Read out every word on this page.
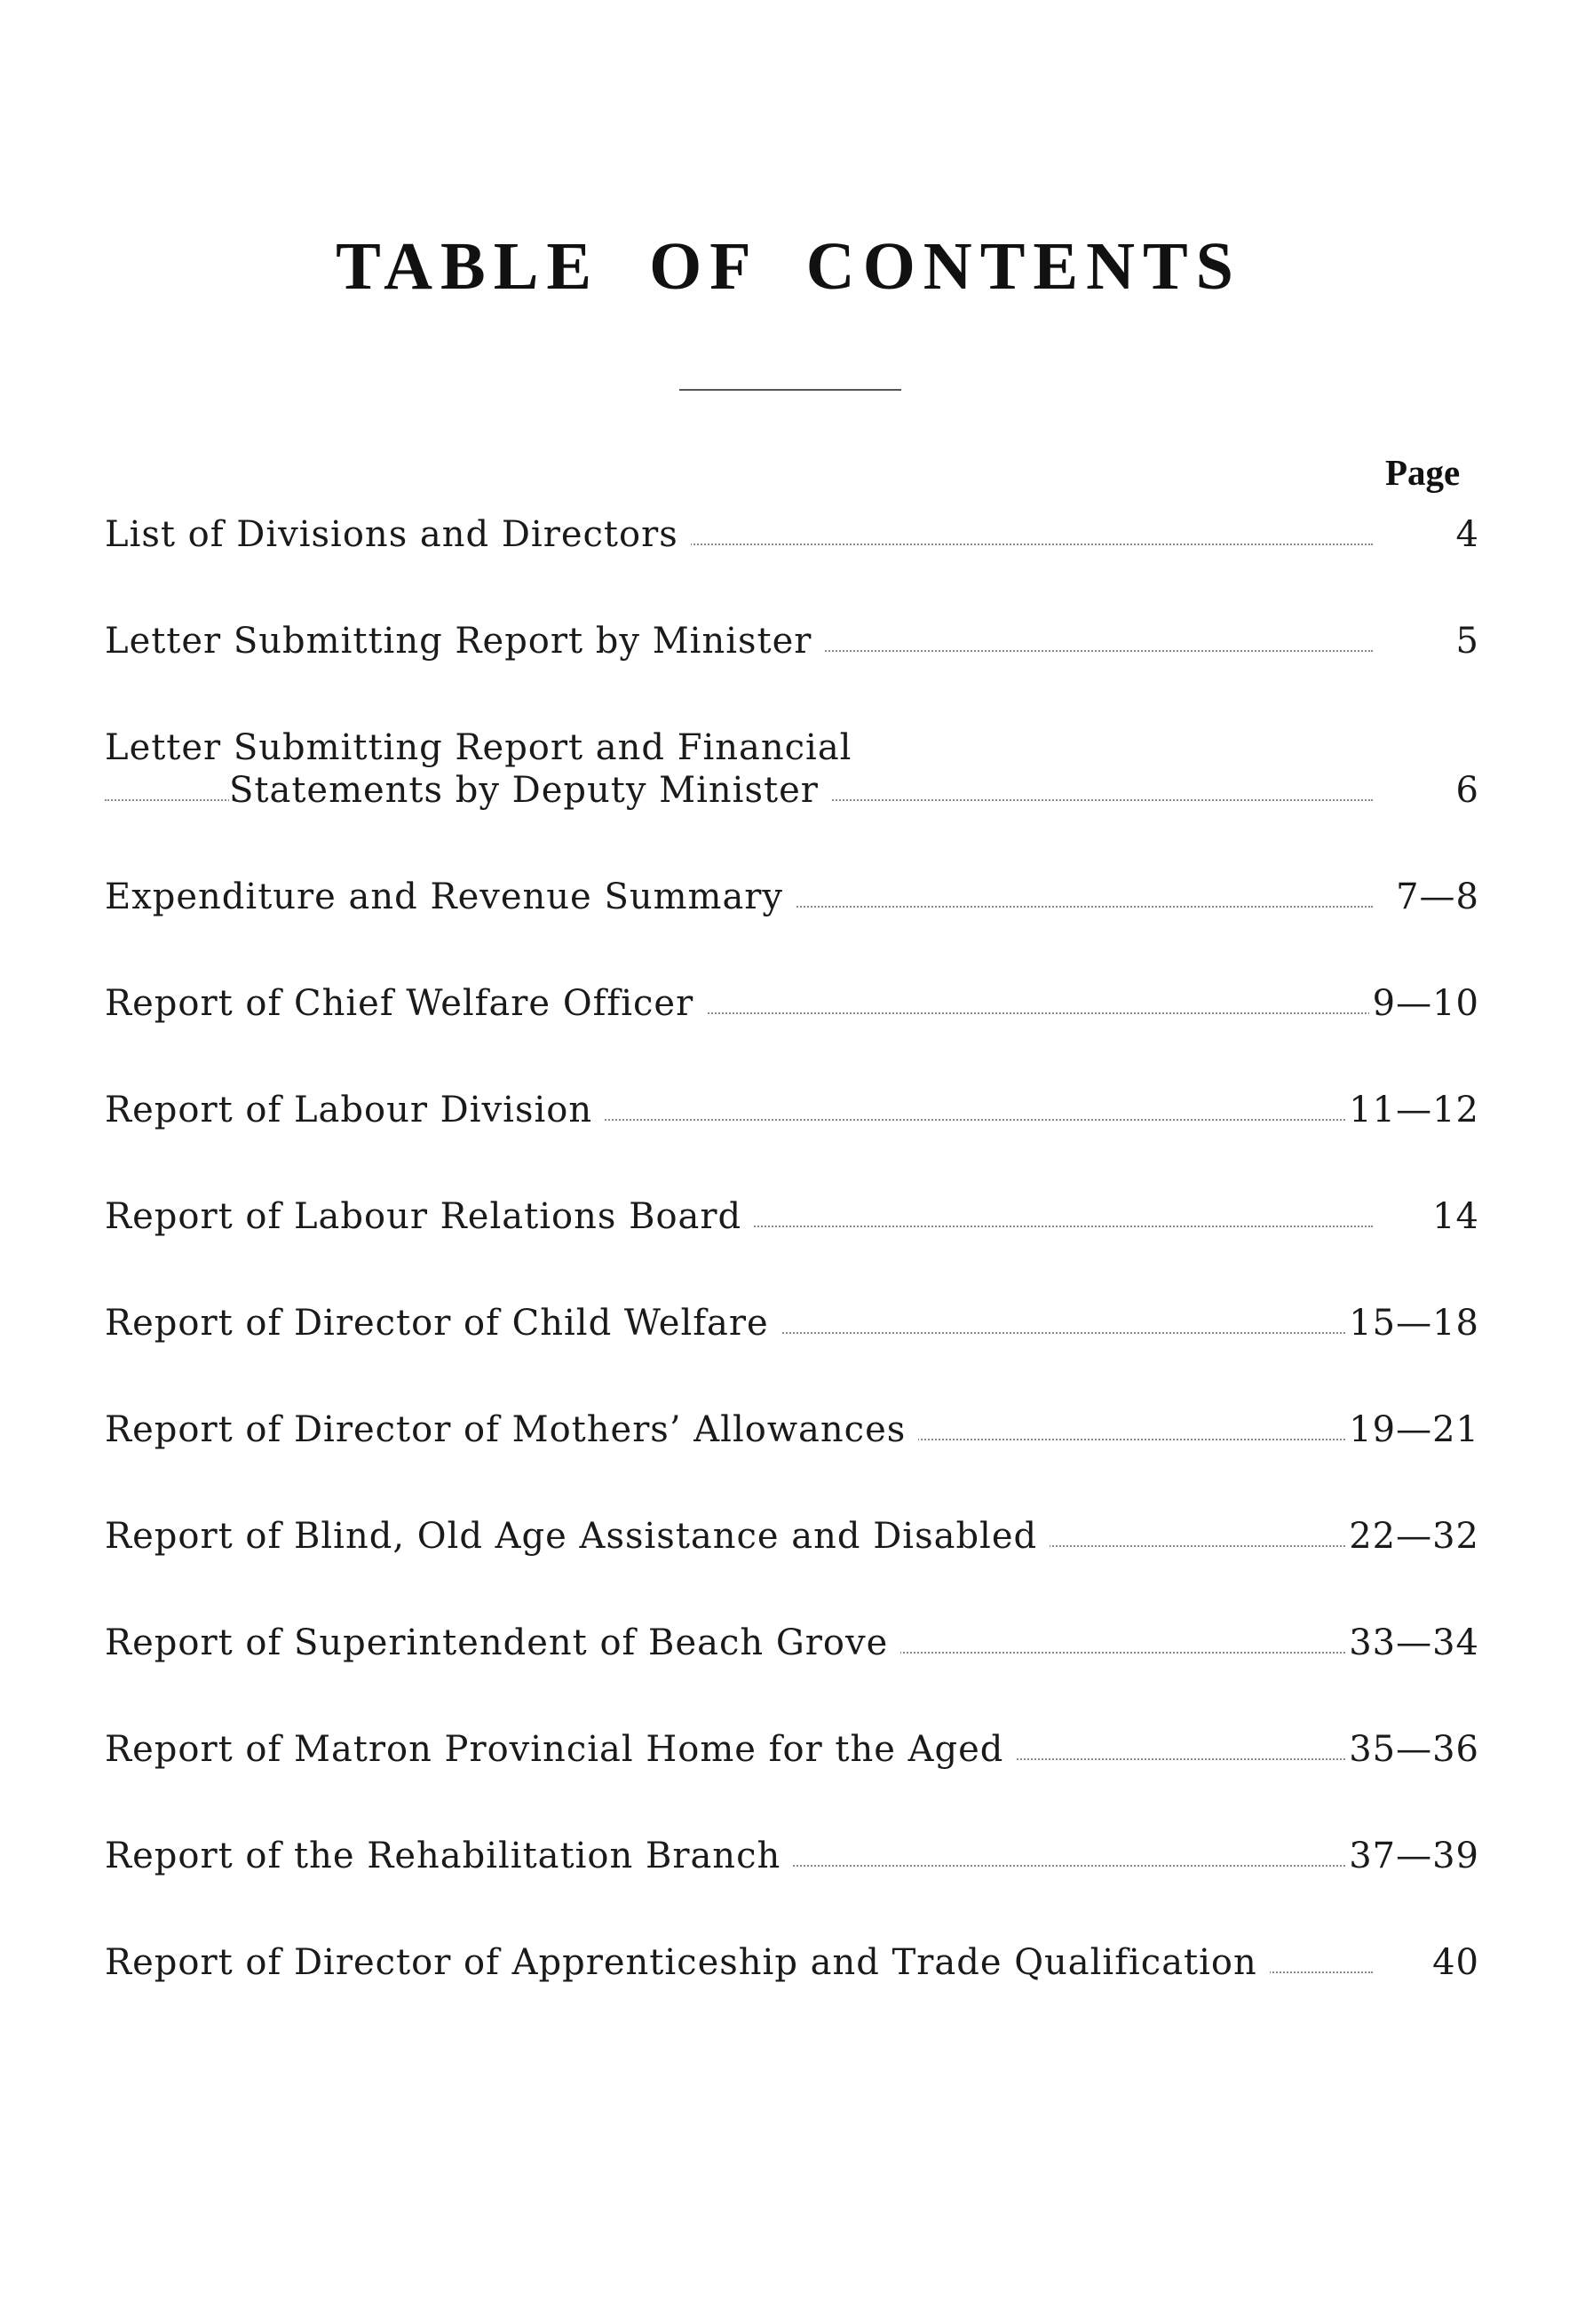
TABLE  OF  CONTENTS
Page
List of Divisions and Directors	4
Letter Submitting Report by Minister	5
Letter Submitting Report and Financial
Statements by Deputy Minister	6
Expenditure and Revenue Summary	7—8
Report of Chief Welfare Officer	9—10
Report of Labour Division	11—12
Report of Labour Relations Board	14
Report of Director of Child Welfare	15—18
Report of Director of Mothers’ Allowances	19—21
Report of Blind, Old Age Assistance and Disabled	22—32
Report of Superintendent of Beach Grove	33—34
Report of Matron Provincial Home for the Aged	35—36
Report of the Rehabilitation Branch	37—39
Report of Director of Apprenticeship and Trade Qualification	40
